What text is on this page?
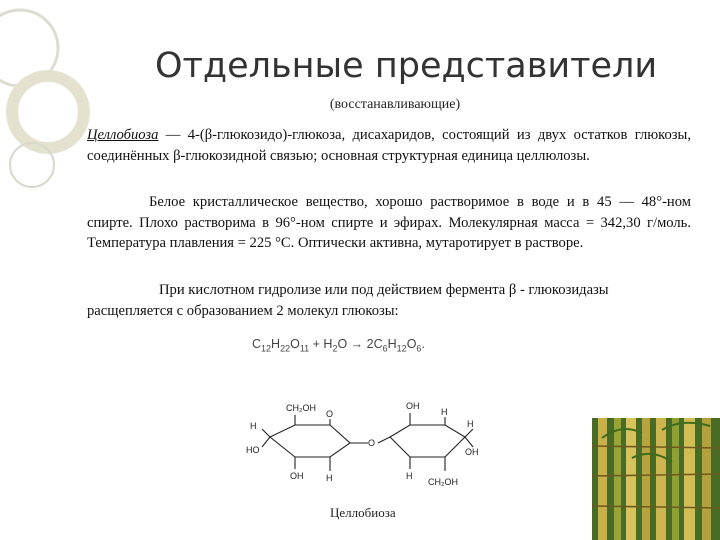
Отдельные представители
(восстанавливающие)
Целлобиоза — 4-(β-глюкозидо)-глюкоза, дисахаридов, состоящий из двух остатков глюкозы, соединённых β-глюкозидной связью; основная структурная единица целлюлозы.
Белое кристаллическое вещество, хорошо растворимое в воде и в 45 — 48°-ном спирте. Плохо растворима в 96°-ном спирте и эфирах. Молекулярная масса = 342,30 г/моль. Температура плавления = 225 °С. Оптически активна, мутаротирует в растворе.
При кислотном гидролизе или под действием фермента β - глюкозидазы расщепляется с образованием 2 молекул глюкозы:
$C_{12}H_{22}O_{11} + H_2O \to 2C_6H_{12}O_6$.
CH₂OH
O
H
HO
OH	H
O
OH
H
H
OH
H
CH₂OH
Целлобиоза
